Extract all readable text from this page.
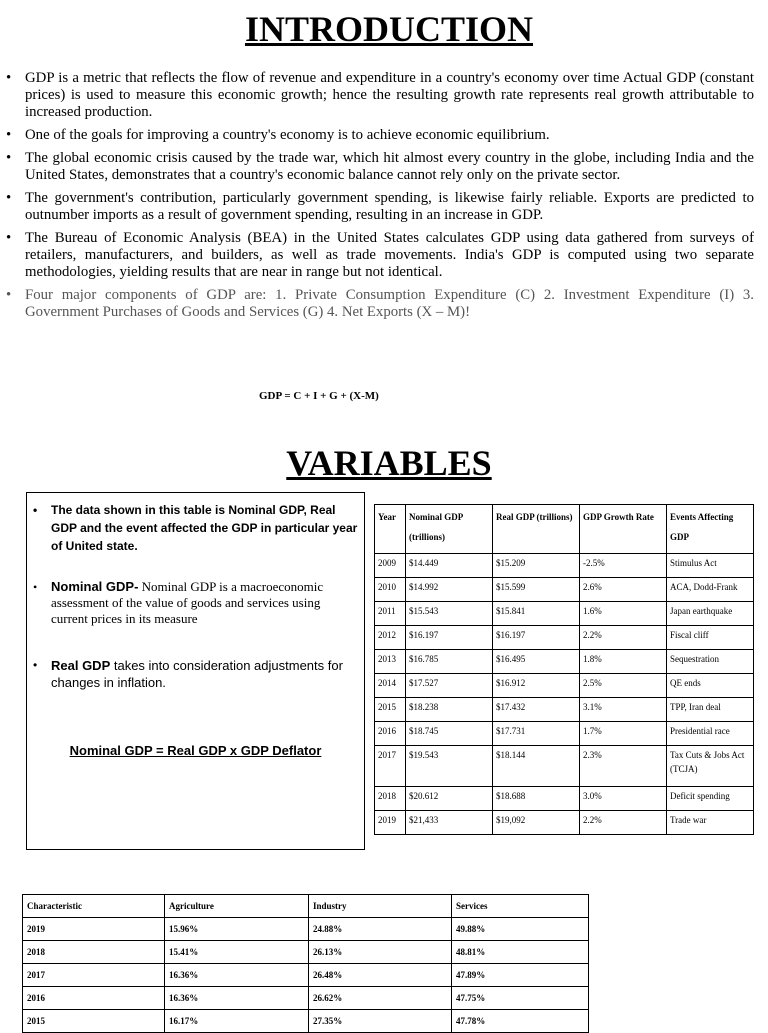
INTRODUCTION
• GDP is a metric that reflects the flow of revenue and expenditure in a country's economy over time Actual GDP (constant prices) is used to measure this economic growth; hence the resulting growth rate represents real growth attributable to increased production.
• One of the goals for improving a country's economy is to achieve economic equilibrium.
• The global economic crisis caused by the trade war, which hit almost every country in the globe, including India and the United States, demonstrates that a country's economic balance cannot rely only on the private sector.
• The government's contribution, particularly government spending, is likewise fairly reliable. Exports are predicted to outnumber imports as a result of government spending, resulting in an increase in GDP.
• The Bureau of Economic Analysis (BEA) in the United States calculates GDP using data gathered from surveys of retailers, manufacturers, and builders, as well as trade movements. India's GDP is computed using two separate methodologies, yielding results that are near in range but not identical.
• Four major components of GDP are: 1. Private Consumption Expenditure (C) 2. Investment Expenditure (I) 3. Government Purchases of Goods and Services (G) 4. Net Exports (X – M)!
GDP = C + I + G + (X-M)
VARIABLES
• The data shown in this table is Nominal GDP, Real GDP and the event affected the GDP in particular year of United state.
• Nominal GDP- Nominal GDP is a macroeconomic assessment of the value of goods and services using current prices in its measure
• Real GDP takes into consideration adjustments for changes in inflation.
Nominal GDP = Real GDP x GDP Deflator
Year	Nominal GDP (trillions)	Real GDP (trillions)	GDP Growth Rate	Events Affecting GDP
2009	$14.449	$15.209	-2.5%	Stimulus Act
2010	$14.992	$15.599	2.6%	ACA, Dodd-Frank
2011	$15.543	$15.841	1.6%	Japan earthquake
2012	$16.197	$16.197	2.2%	Fiscal cliff
2013	$16.785	$16.495	1.8%	Sequestration
2014	$17.527	$16.912	2.5%	QE ends
2015	$18.238	$17.432	3.1%	TPP, Iran deal
2016	$18.745	$17.731	1.7%	Presidential race
2017	$19.543	$18.144	2.3%	Tax Cuts & Jobs Act (TCJA)
2018	$20.612	$18.688	3.0%	Deficit spending
2019	$21,433	$19,092	2.2%	Trade war
Characteristic	Agriculture	Industry	Services
2019	15.96%	24.88%	49.88%
2018	15.41%	26.13%	48.81%
2017	16.36%	26.48%	47.89%
2016	16.36%	26.62%	47.75%
2015	16.17%	27.35%	47.78%
